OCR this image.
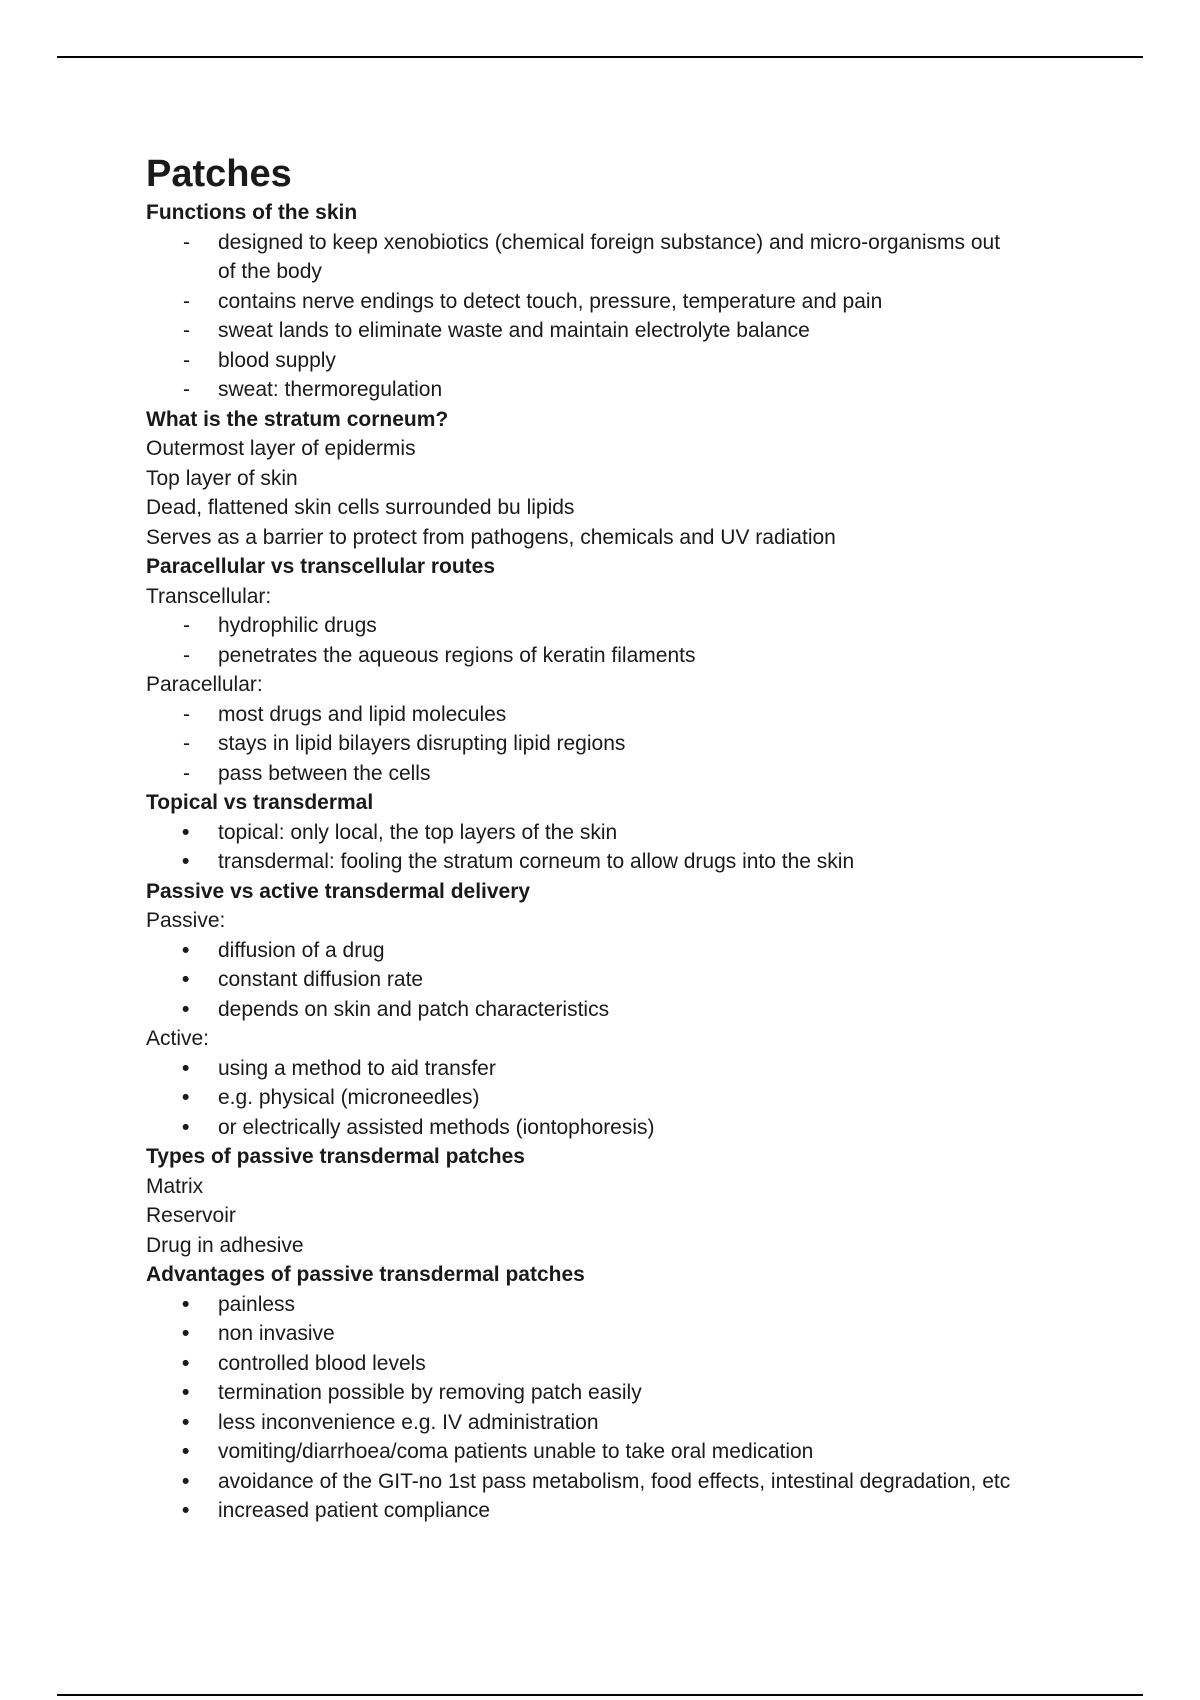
Patches
Functions of the skin
- designed to keep xenobiotics (chemical foreign substance) and micro-organisms out
of the body
- contains nerve endings to detect touch, pressure, temperature and pain
- sweat lands to eliminate waste and maintain electrolyte balance
- blood supply
- sweat: thermoregulation
What is the stratum corneum?
Outermost layer of epidermis
Top layer of skin
Dead, flattened skin cells surrounded bu lipids
Serves as a barrier to protect from pathogens, chemicals and UV radiation
Paracellular vs transcellular routes
Transcellular:
- hydrophilic drugs
- penetrates the aqueous regions of keratin filaments
Paracellular:
- most drugs and lipid molecules
- stays in lipid bilayers disrupting lipid regions
- pass between the cells
Topical vs transdermal
• topical: only local, the top layers of the skin
• transdermal: fooling the stratum corneum to allow drugs into the skin
Passive vs active transdermal delivery
Passive:
• diffusion of a drug
• constant diffusion rate
• depends on skin and patch characteristics
Active:
• using a method to aid transfer
• e.g. physical (microneedles)
• or electrically assisted methods (iontophoresis)
Types of passive transdermal patches
Matrix
Reservoir
Drug in adhesive
Advantages of passive transdermal patches
• painless
• non invasive
• controlled blood levels
• termination possible by removing patch easily
• less inconvenience e.g. IV administration
• vomiting/diarrhoea/coma patients unable to take oral medication
• avoidance of the GIT-no 1st pass metabolism, food effects, intestinal degradation, etc
• increased patient compliance
